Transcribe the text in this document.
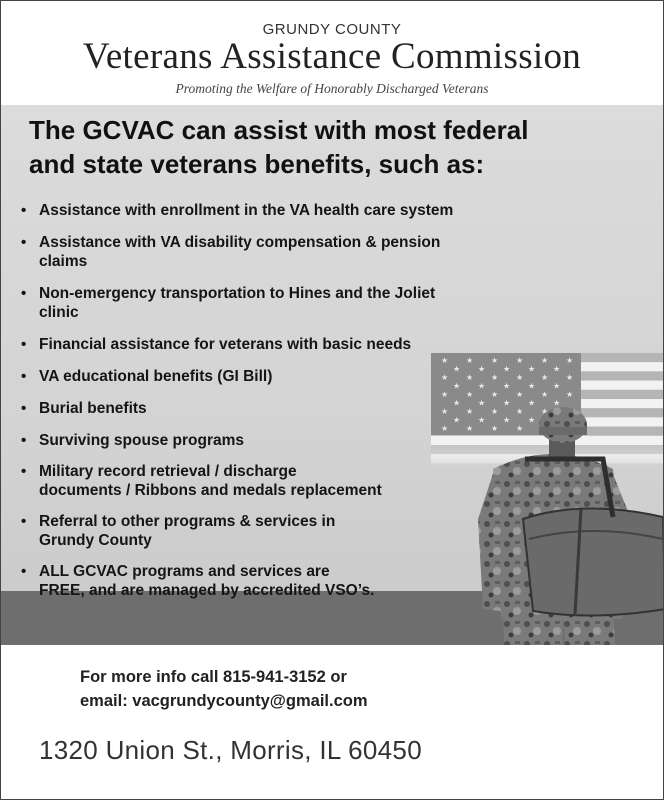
GRUNDY COUNTY
Veterans Assistance Commission
Promoting the Welfare of Honorably Discharged Veterans
The GCVAC can assist with most federal
and state veterans benefits, such as:
• Assistance with enrollment in the VA health care system
• Assistance with VA disability compensation & pension claims
• Non-emergency transportation to Hines and the Joliet clinic
• Financial assistance for veterans with basic needs
• VA educational benefits (GI Bill)
• Burial benefits
• Surviving spouse programs
• Military record retrieval / discharge
documents / Ribbons and medals replacement
• Referral to other programs & services in
Grundy County
• ALL GCVAC programs and services are
FREE, and are managed by accredited VSO’s.
For more info call 815-941-3152 or
email: vacgrundycounty@gmail.com
1320 Union St., Morris, IL 60450
